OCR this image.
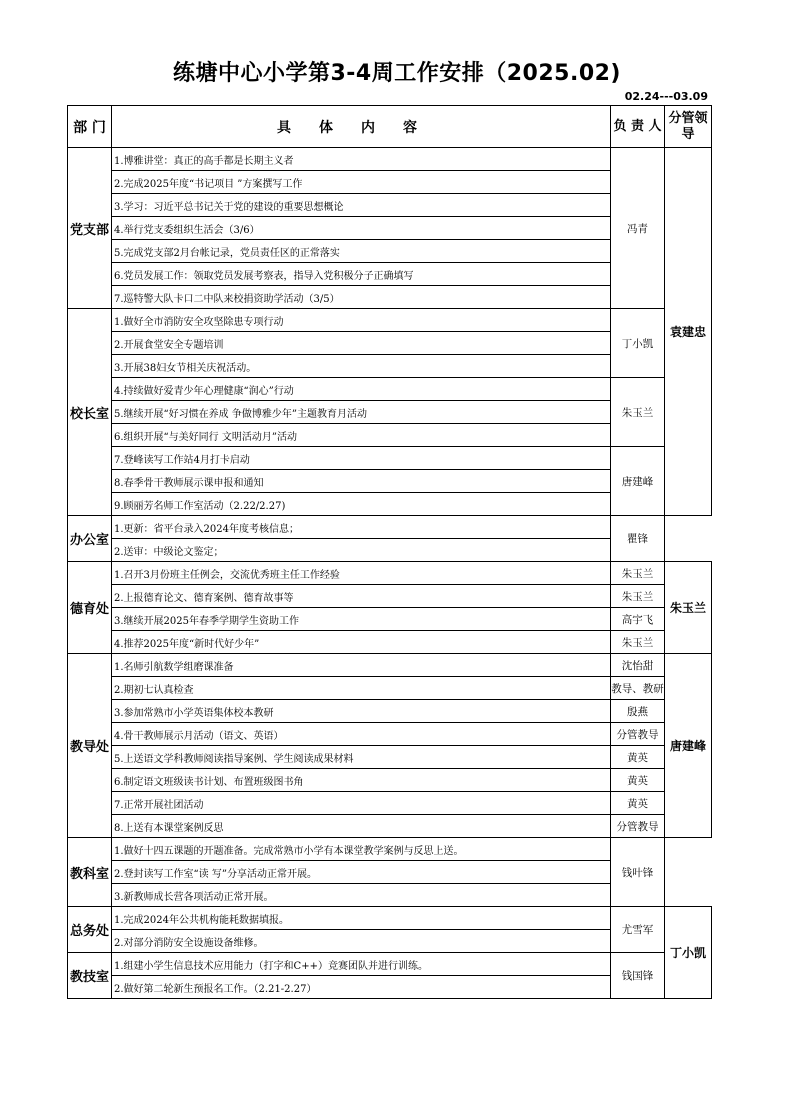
练塘中心小学第3-4周工作安排（2025.02)
02.24---03.09
部 门	具体内容	负 责 人	分管领导
党支部	1.博雅讲堂：真正的高手都是长期主义者	冯青	袁建忠
	2.完成2025年度“书记项目 ”方案撰写工作		
	3.学习：习近平总书记关于党的建设的重要思想概论		
	4.举行党支委组织生活会（3/6）		
	5.完成党支部2月台帐记录，党员责任区的正常落实		
	6.党员发展工作：领取党员发展考察表，指导入党积极分子正确填写		
	7.巡特警大队卡口二中队来校捐资助学活动（3/5）		
校长室	1.做好全市消防安全攻坚除患专项行动	丁小凯	
	2.开展食堂安全专题培训		
	3.开展38妇女节相关庆祝活动。		
	4.持续做好爱青少年心理健康“润心”行动	朱玉兰	
	5.继续开展“好习惯在养成 争做博雅少年”主题教育月活动		
	6.组织开展“与美好同行 文明活动月”活动		
	7.登峰读写工作站4月打卡启动	唐建峰	
	8.春季骨干教师展示课申报和通知		
	9.顾丽芳名师工作室活动（2.22/2.27)		
办公室	1.更新：省平台录入2024年度考核信息；	瞿锋	
	2.送审：中级论文鉴定；		
德育处	1.召开3月份班主任例会，交流优秀班主任工作经验	朱玉兰	朱玉兰
	2.上报德育论文、德育案例、德育故事等	朱玉兰	
	3.继续开展2025年春季学期学生资助工作	高宇飞	
	4.推荐2025年度“新时代好少年”	朱玉兰	
教导处	1.名师引航数学组磨课准备	沈怡甜	唐建峰
	2.期初七认真检查	教导、教研	
	3.参加常熟市小学英语集体校本教研	殷燕	
	4.骨干教师展示月活动（语文、英语）	分管教导	
	5.上送语文学科教师阅读指导案例、学生阅读成果材料	黄英	
	6.制定语文班级读书计划、布置班级图书角	黄英	
	7.正常开展社团活动	黄英	
	8.上送有本课堂案例反思	分管教导	
教科室	1.做好十四五课题的开题准备。完成常熟市小学有本课堂教学案例与反思上送。	钱叶锋	
	2.登封读写工作室“读 写”分享活动正常开展。		
	3.新教师成长营各项活动正常开展。		
总务处	1.完成2024年公共机构能耗数据填报。	尤雪军	丁小凯
	2.对部分消防安全设施设备维修。		
教技室	1.组建小学生信息技术应用能力（打字和C++）竞赛团队并进行训练。	钱国锋	
	2.做好第二轮新生预报名工作。（2.21-2.27）		
